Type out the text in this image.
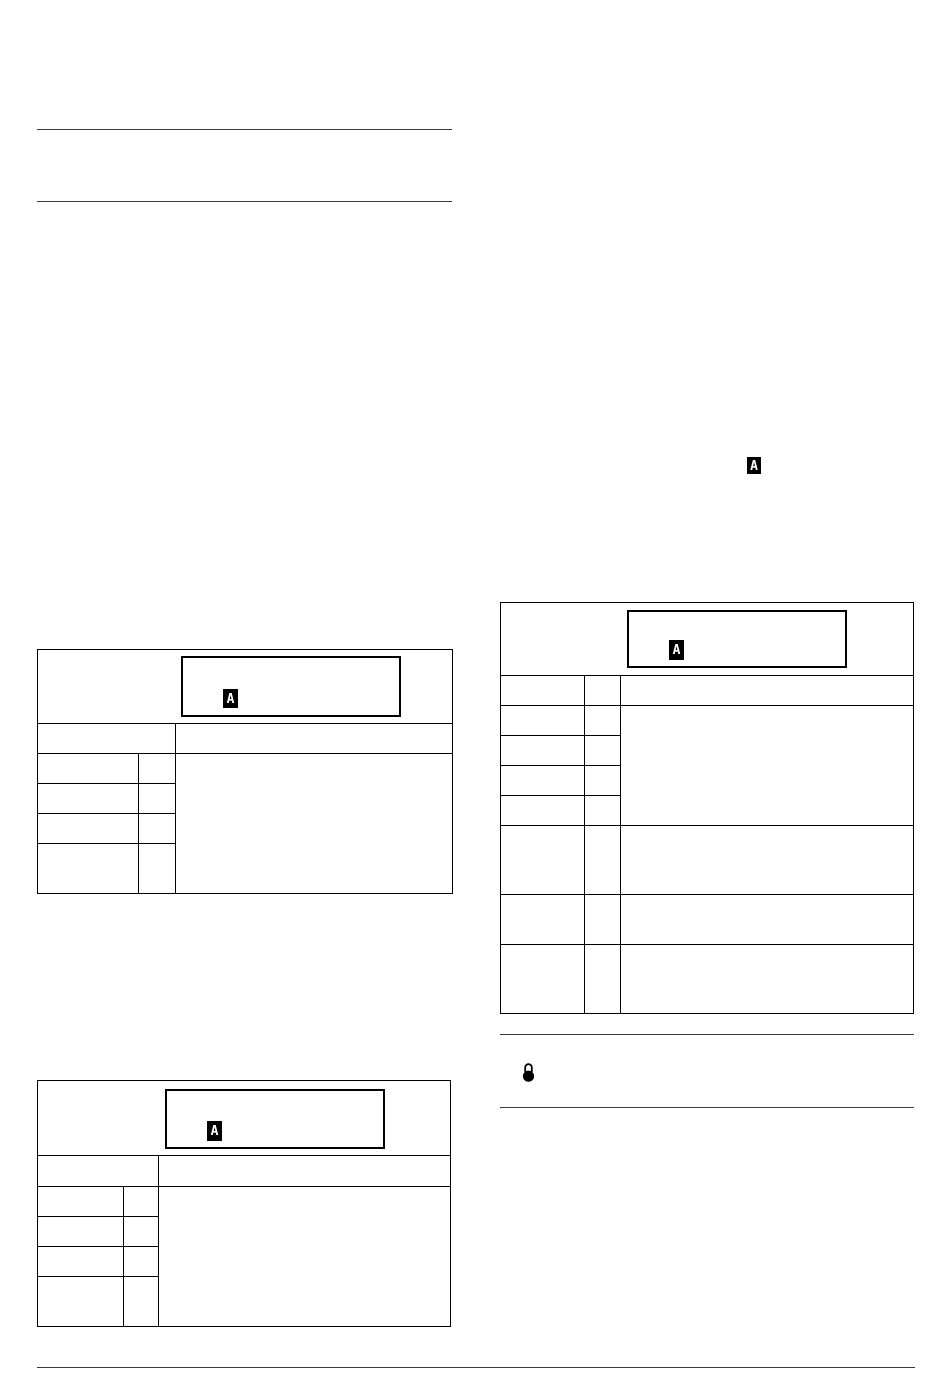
A
A
A
A
